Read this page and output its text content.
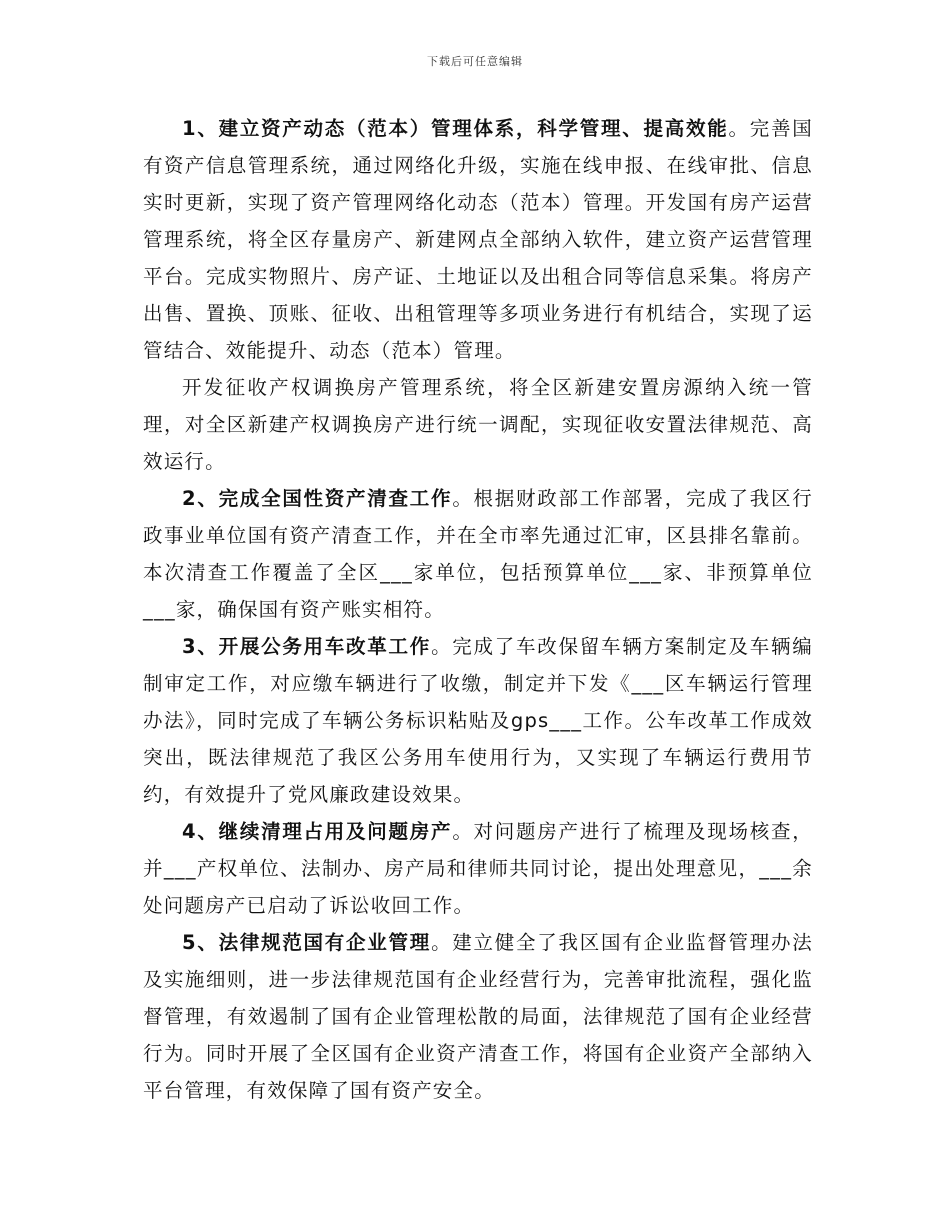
下载后可任意编辑

1、建立资产动态（范本）管理体系，科学管理、提高效能。完善国有资产信息管理系统，通过网络化升级，实施在线申报、在线审批、信息实时更新，实现了资产管理网络化动态（范本）管理。开发国有房产运营管理系统，将全区存量房产、新建网点全部纳入软件，建立资产运营管理平台。完成实物照片、房产证、土地证以及出租合同等信息采集。将房产出售、置换、顶账、征收、出租管理等多项业务进行有机结合，实现了运管结合、效能提升、动态（范本）管理。

开发征收产权调换房产管理系统，将全区新建安置房源纳入统一管理，对全区新建产权调换房产进行统一调配，实现征收安置法律规范、高效运行。

2、完成全国性资产清查工作。根据财政部工作部署，完成了我区行政事业单位国有资产清查工作，并在全市率先通过汇审，区县排名靠前。本次清查工作覆盖了全区___家单位，包括预算单位___家、非预算单位___家，确保国有资产账实相符。

3、开展公务用车改革工作。完成了车改保留车辆方案制定及车辆编制审定工作，对应缴车辆进行了收缴，制定并下发《___区车辆运行管理办法》，同时完成了车辆公务标识粘贴及gps___工作。公车改革工作成效突出，既法律规范了我区公务用车使用行为，又实现了车辆运行费用节约，有效提升了党风廉政建设效果。

4、继续清理占用及问题房产。对问题房产进行了梳理及现场核查，并___产权单位、法制办、房产局和律师共同讨论，提出处理意见，___余处问题房产已启动了诉讼收回工作。

5、法律规范国有企业管理。建立健全了我区国有企业监督管理办法及实施细则，进一步法律规范国有企业经营行为，完善审批流程，强化监督管理，有效遏制了国有企业管理松散的局面，法律规范了国有企业经营行为。同时开展了全区国有企业资产清查工作，将国有企业资产全部纳入平台管理，有效保障了国有资产安全。
